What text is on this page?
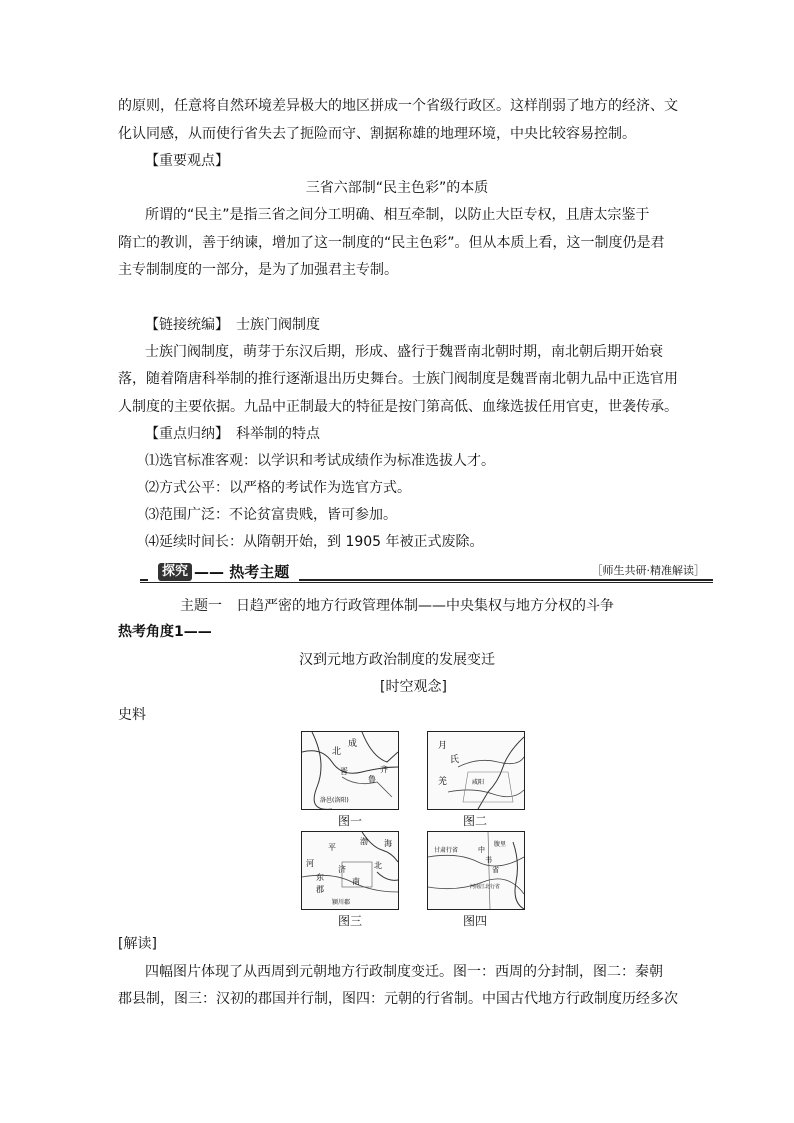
的原则，任意将自然环境差异极大的地区拼成一个省级行政区。这样削弱了地方的经济、文
化认同感，从而使行省失去了扼险而守、割据称雄的地理环境，中央比较容易控制。
【重要观点】
三省六部制“民主色彩”的本质
所谓的“民主”是指三省之间分工明确、相互牵制，以防止大臣专权，且唐太宗鉴于
隋亡的教训，善于纳谏，增加了这一制度的“民主色彩”。但从本质上看，这一制度仍是君
主专制制度的一部分，是为了加强君主专制。
【链接统编】　士族门阀制度
士族门阀制度，萌芽于东汉后期，形成、盛行于魏晋南北朝时期，南北朝后期开始衰
落，随着隋唐科举制的推行逐渐退出历史舞台。士族门阀制度是魏晋南北朝九品中正选官用
人制度的主要依据。九品中正制最大的特征是按门第高低、血缘选拔任用官吏，世袭传承。
【重点归纳】　科举制的特点
⑴选官标准客观：以学识和考试成绩作为标准选拔人才。
⑵方式公平：以严格的考试作为选官方式。
⑶范围广泛：不论贫富贵贱，皆可参加。
⑷延续时间长：从隋朝开始，到 1905 年被正式废除。
探究 —— 热考主题	［师生共研·精准解读］
主题一　日趋严密的地方行政管理体制——中央集权与地方分权的斗争
热考角度1——
汉到元地方政治制度的发展变迁
[时空观念]
史料
北
成
晋
鲁
齐
洛邑(洛阳)
图一
月
氏
羌	咸阳
图二
河
平
渤 海
东
郡
济
南
北
颍川郡
图三
甘肃行省	中
书
省
腹里
河南江北行省
图四
[解读]
四幅图片体现了从西周到元朝地方行政制度变迁。图一：西周的分封制，图二：秦朝
郡县制，图三：汉初的郡国并行制，图四：元朝的行省制。中国古代地方行政制度历经多次
